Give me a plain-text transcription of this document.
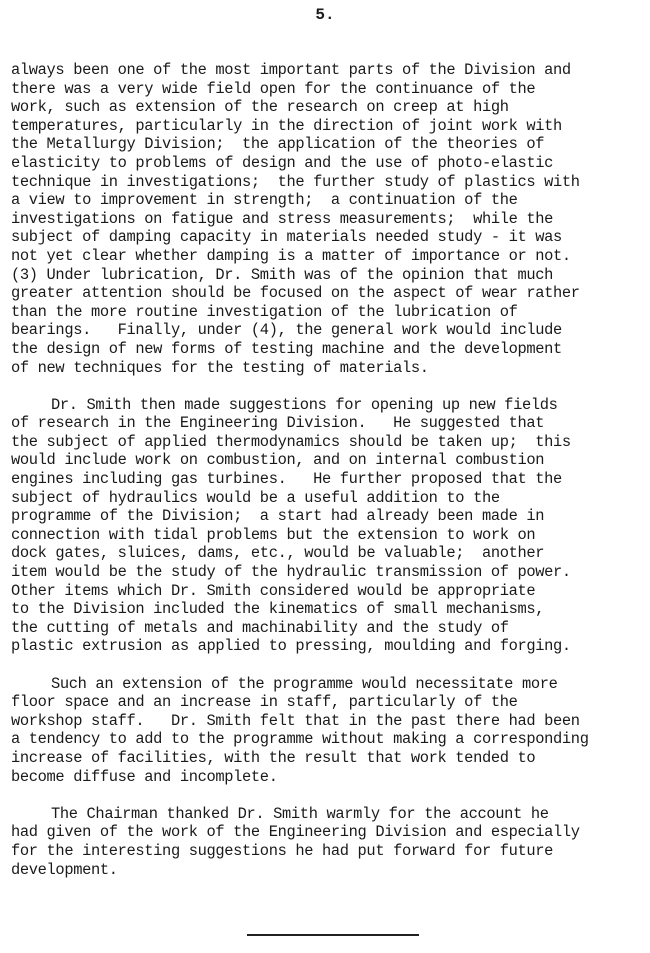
5.
always been one of the most important parts of the Division and
there was a very wide field open for the continuance of the
work, such as extension of the research on creep at high
temperatures, particularly in the direction of joint work with
the Metallurgy Division;  the application of the theories of
elasticity to problems of design and the use of photo-elastic
technique in investigations;  the further study of plastics with
a view to improvement in strength;  a continuation of the
investigations on fatigue and stress measurements;  while the
subject of damping capacity in materials needed study - it was
not yet clear whether damping is a matter of importance or not.
(3) Under lubrication, Dr. Smith was of the opinion that much
greater attention should be focused on the aspect of wear rather
than the more routine investigation of the lubrication of
bearings.   Finally, under (4), the general work would include
the design of new forms of testing machine and the development
of new techniques for the testing of materials.
Dr. Smith then made suggestions for opening up new fields
of research in the Engineering Division.   He suggested that
the subject of applied thermodynamics should be taken up;  this
would include work on combustion, and on internal combustion
engines including gas turbines.   He further proposed that the
subject of hydraulics would be a useful addition to the
programme of the Division;  a start had already been made in
connection with tidal problems but the extension to work on
dock gates, sluices, dams, etc., would be valuable;  another
item would be the study of the hydraulic transmission of power.
Other items which Dr. Smith considered would be appropriate
to the Division included the kinematics of small mechanisms,
the cutting of metals and machinability and the study of
plastic extrusion as applied to pressing, moulding and forging.
Such an extension of the programme would necessitate more
floor space and an increase in staff, particularly of the
workshop staff.   Dr. Smith felt that in the past there had been
a tendency to add to the programme without making a corresponding
increase of facilities, with the result that work tended to
become diffuse and incomplete.
The Chairman thanked Dr. Smith warmly for the account he
had given of the work of the Engineering Division and especially
for the interesting suggestions he had put forward for future
development.
